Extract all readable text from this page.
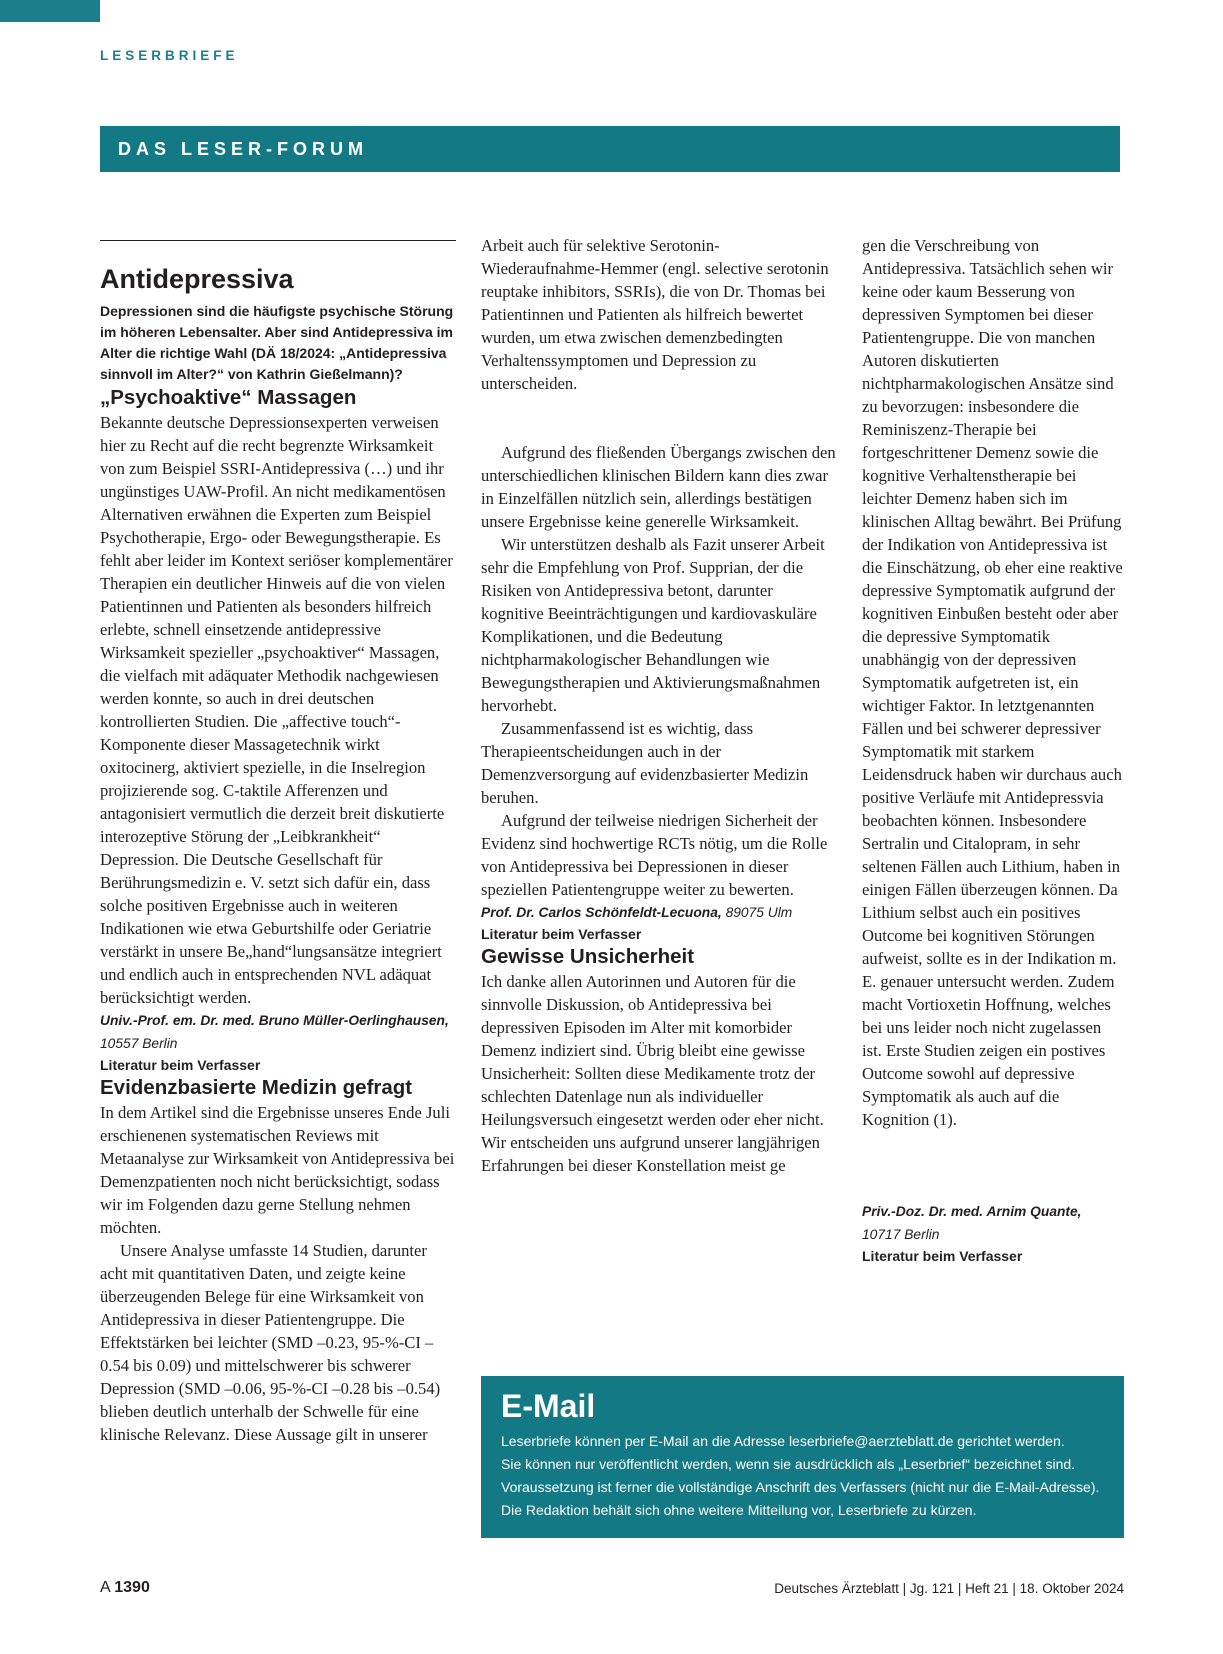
LESERBRIEFE
DAS LESER-FORUM
Antidepressiva

Depressionen sind die häufigste psychische Störung im höheren Lebensalter. Aber sind Antidepressiva im Alter die richtige Wahl (DÄ 18/2024: „Antidepressiva sinnvoll im Alter?“ von Kathrin Gießelmann)?

„Psychoaktive“ Massagen

Bekannte deutsche Depressionsexperten verweisen hier zu Recht auf die recht begrenzte Wirksamkeit von zum Beispiel SSRI-Antidepressiva (…) und ihr ungünstiges UAW-Profil. An nicht medikamentösen Alternativen erwähnen die Experten zum Beispiel Psychotherapie, Ergo- oder Bewegungstherapie. Es fehlt aber leider im Kontext seriöser komplementärer Therapien ein deutlicher Hinweis auf die von vielen Patientinnen und Patienten als besonders hilfreich erlebte, schnell einsetzende antidepressive Wirksamkeit spezieller „psychoaktiver“ Massagen, die vielfach mit adäquater Methodik nachgewiesen werden konnte, so auch in drei deutschen kontrollierten Studien. Die „affective touch“-Komponente dieser Massagetechnik wirkt oxitocinerg, aktiviert spezielle, in die Inselregion projizierende sog. C-taktile Afferenzen und antagonisiert vermutlich die derzeit breit diskutierte interozeptive Störung der „Leibkrankheit“ Depression. Die Deutsche Gesellschaft für Berührungsmedizin e. V. setzt sich dafür ein, dass solche positiven Ergebnisse auch in weiteren Indikationen wie etwa Geburtshilfe oder Geriatrie verstärkt in unsere Be„hand“lungsansätze integriert und endlich auch in entsprechenden NVL adäquat berücksichtigt werden.

Univ.-Prof. em. Dr. med. Bruno Müller-Oerlinghausen, 10557 Berlin

Literatur beim Verfasser

Evidenzbasierte Medizin gefragt

In dem Artikel sind die Ergebnisse unseres Ende Juli erschienenen systematischen Reviews mit Metaanalyse zur Wirksamkeit von Antidepressiva bei Demenzpatienten noch nicht berücksichtigt, sodass wir im Folgenden dazu gerne Stellung nehmen möchten.

Unsere Analyse umfasste 14 Studien, darunter acht mit quantitativen Daten, und zeigte keine überzeugenden Belege für eine Wirksamkeit von Antidepressiva in dieser Patientengruppe. Die Effektstärken bei leichter (SMD –0.23, 95-%-CI –0.54 bis 0.09) und mittelschwerer bis schwerer Depression (SMD –0.06, 95-%-CI –0.28 bis –0.54) blieben deutlich unterhalb der Schwelle für eine klinische Relevanz. Diese Aussage gilt in unserer

Arbeit auch für selektive Serotonin-Wiederaufnahme-Hemmer (engl. selective serotonin reuptake inhibitors, SSRIs), die von Dr. Thomas bei Patientinnen und Patienten als hilfreich bewertet wurden, um etwa zwischen demenzbedingten Verhaltenssymptomen und Depression zu unterscheiden.

Aufgrund des fließenden Übergangs zwischen den unterschiedlichen klinischen Bildern kann dies zwar in Einzelfällen nützlich sein, allerdings bestätigen unsere Ergebnisse keine generelle Wirksamkeit.

Wir unterstützen deshalb als Fazit unserer Arbeit sehr die Empfehlung von Prof. Supprian, der die Risiken von Antidepressiva betont, darunter kognitive Beeinträchtigungen und kardiovaskuläre Komplikationen, und die Bedeutung nichtpharmakologischer Behandlungen wie Bewegungstherapien und Aktivierungsmaßnahmen hervorhebt.

Zusammenfassend ist es wichtig, dass Therapieentscheidungen auch in der Demenzversorgung auf evidenzbasierter Medizin beruhen.

Aufgrund der teilweise niedrigen Sicherheit der Evidenz sind hochwertige RCTs nötig, um die Rolle von Antidepressiva bei Depressionen in dieser speziellen Patientengruppe weiter zu bewerten.

Prof. Dr. Carlos Schönfeldt-Lecuona, 89075 Ulm

Literatur beim Verfasser

Gewisse Unsicherheit

Ich danke allen Autorinnen und Autoren für die sinnvolle Diskussion, ob Antidepressiva bei depressiven Episoden im Alter mit komorbider Demenz indiziert sind. Übrig bleibt eine gewisse Unsicherheit: Sollten diese Medikamente trotz der schlechten Datenlage nun als individueller Heilungsversuch eingesetzt werden oder eher nicht. Wir entscheiden uns aufgrund unserer langjährigen Erfahrungen bei dieser Konstellation meist ge

gen die Verschreibung von Antidepressiva. Tatsächlich sehen wir keine oder kaum Besserung von depressiven Symptomen bei dieser Patientengruppe. Die von manchen Autoren diskutierten nichtpharmakologischen Ansätze sind zu bevorzugen: insbesondere die Reminiszenz-Therapie bei fortgeschrittener Demenz sowie die kognitive Verhaltenstherapie bei leichter Demenz haben sich im klinischen Alltag bewährt. Bei Prüfung der Indikation von Antidepressiva ist die Einschätzung, ob eher eine reaktive depressive Symptomatik aufgrund der kognitiven Einbußen besteht oder aber die depressive Symptomatik unabhängig von der depressiven Symptomatik aufgetreten ist, ein wichtiger Faktor. In letztgenannten Fällen und bei schwerer depressiver Symptomatik mit starkem Leidensdruck haben wir durchaus auch positive Verläufe mit Antidepressvia beobachten können. Insbesondere Sertralin und Citalopram, in sehr seltenen Fällen auch Lithium, haben in einigen Fällen überzeugen können. Da Lithium selbst auch ein positives Outcome bei kognitiven Störungen aufweist, sollte es in der Indikation m. E. genauer untersucht werden. Zudem macht Vortioxetin Hoffnung, welches bei uns leider noch nicht zugelassen ist. Erste Studien zeigen ein postives Outcome sowohl auf depressive Symptomatik als auch auf die Kognition (1).

Priv.-Doz. Dr. med. Arnim Quante,
10717 Berlin

Literatur beim Verfasser

E-Mail

Leserbriefe können per E-Mail an die Adresse leserbriefe@aerzteblatt.de gerichtet werden.

Sie können nur veröffentlicht werden, wenn sie ausdrücklich als „Leserbrief“ bezeichnet sind.

Voraussetzung ist ferner die vollständige Anschrift des Verfassers (nicht nur die E-Mail-Adresse).

Die Redaktion behält sich ohne weitere Mitteilung vor, Leserbriefe zu kürzen.

A 1390	Deutsches Ärzteblatt | Jg. 121 | Heft 21 | 18. Oktober 2024
